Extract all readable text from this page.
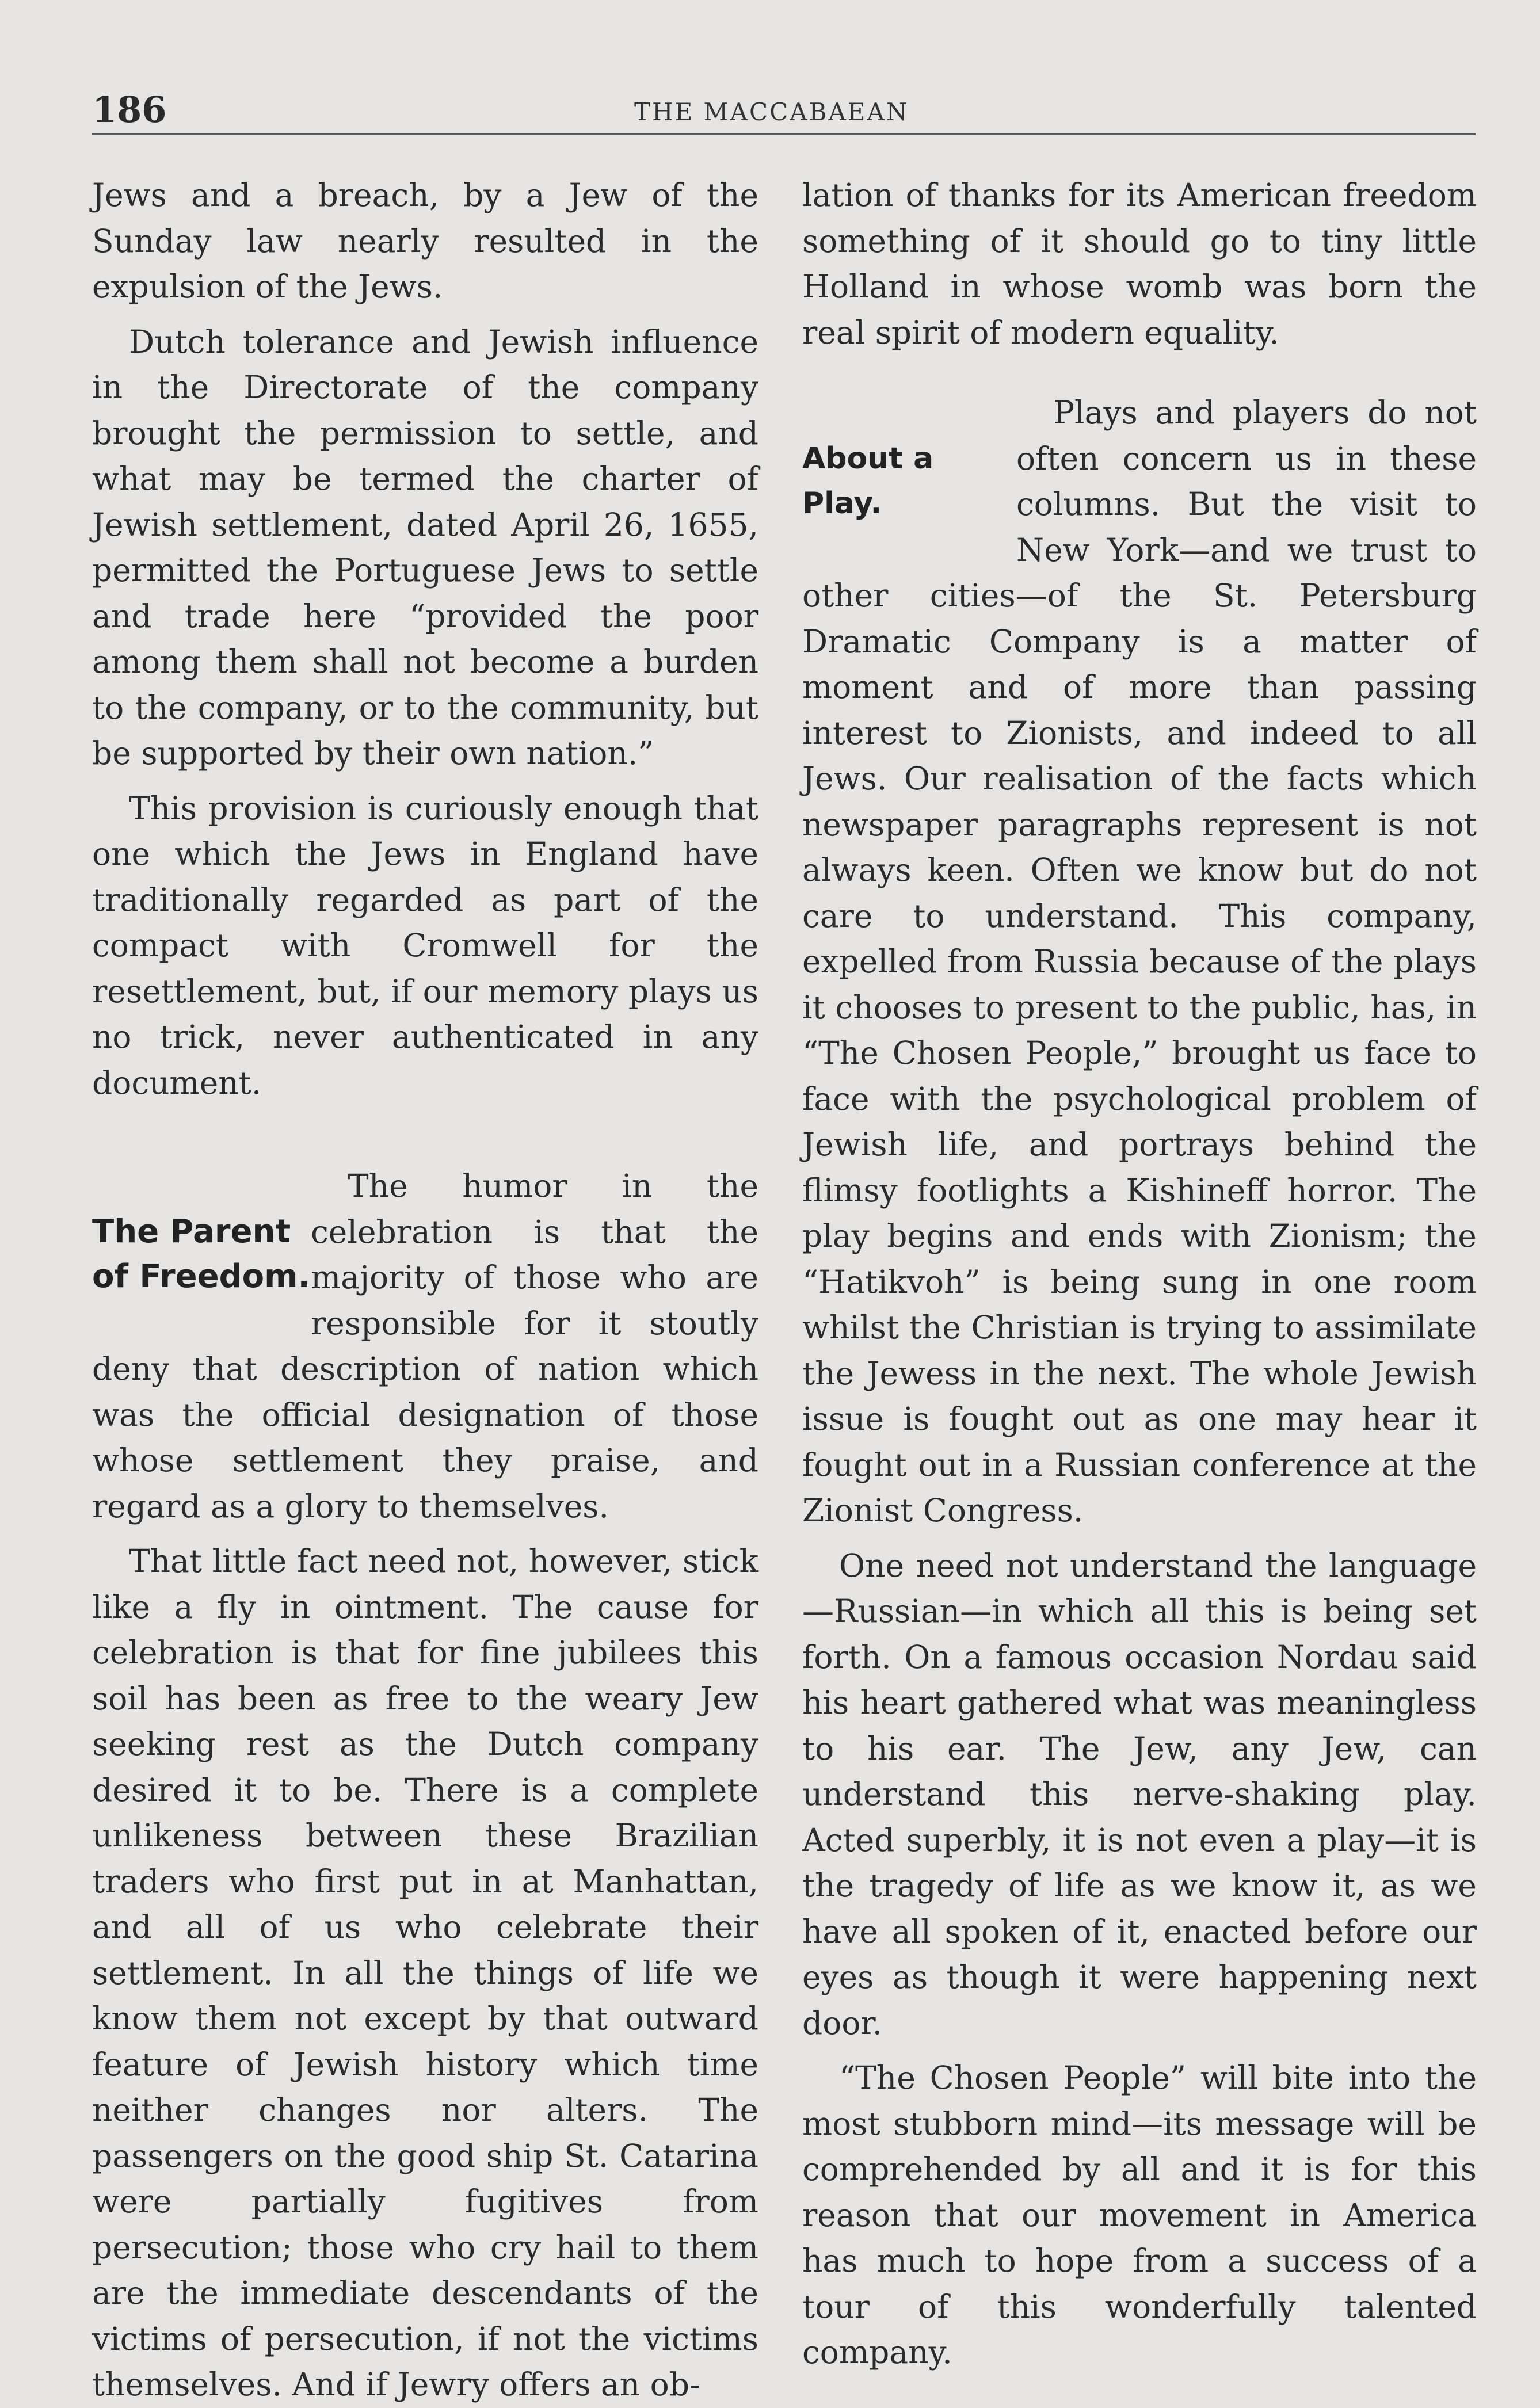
186	THE MACCABAEAN

Jews and a breach, by a Jew of the Sunday law nearly resulted in the expulsion of the Jews.

Dutch tolerance and Jewish influence in the Directorate of the company brought the permission to settle, and what may be termed the charter of Jewish settlement, dated April 26, 1655, permitted the Portuguese Jews to settle and trade here “provided the poor among them shall not become a burden to the company, or to the community, but be supported by their own nation.”

This provision is curiously enough that one which the Jews in England have traditionally regarded as part of the compact with Cromwell for the resettlement, but, if our memory plays us no trick, never authenticated in any document.

The Parent
of Freedom.

The humor in the celebration is that the majority of those who are responsible for it stoutly deny that description of nation which was the official designation of those whose settlement they praise, and regard as a glory to themselves.

That little fact need not, however, stick like a fly in ointment. The cause for celebration is that for fine jubilees this soil has been as free to the weary Jew seeking rest as the Dutch company desired it to be. There is a complete unlikeness between these Brazilian traders who first put in at Manhattan, and all of us who celebrate their settlement. In all the things of life we know them not except by that outward feature of Jewish history which time neither changes nor alters. The passengers on the good ship St. Catarina were partially fugitives from persecution; those who cry hail to them are the immediate descendants of the victims of persecution, if not the victims themselves. And if Jewry offers an ob-

lation of thanks for its American freedom something of it should go to tiny little Holland in whose womb was born the real spirit of modern equality.

About a
Play.

Plays and players do not often concern us in these columns. But the visit to New York—and we trust to other cities—of the St. Petersburg Dramatic Company is a matter of moment and of more than passing interest to Zionists, and indeed to all Jews. Our realisation of the facts which newspaper paragraphs represent is not always keen. Often we know but do not care to understand. This company, expelled from Russia because of the plays it chooses to present to the public, has, in “The Chosen People,” brought us face to face with the psychological problem of Jewish life, and portrays behind the flimsy footlights a Kishineff horror. The play begins and ends with Zionism; the “Hatikvoh” is being sung in one room whilst the Christian is trying to assimilate the Jewess in the next. The whole Jewish issue is fought out as one may hear it fought out in a Russian conference at the Zionist Congress.

One need not understand the language —Russian—in which all this is being set forth. On a famous occasion Nordau said his heart gathered what was meaningless to his ear. The Jew, any Jew, can understand this nerve-shaking play. Acted superbly, it is not even a play—it is the tragedy of life as we know it, as we have all spoken of it, enacted before our eyes as though it were happening next door.

“The Chosen People” will bite into the most stubborn mind—its message will be comprehended by all and it is for this reason that our movement in America has much to hope from a success of a tour of this wonderfully talented company.
